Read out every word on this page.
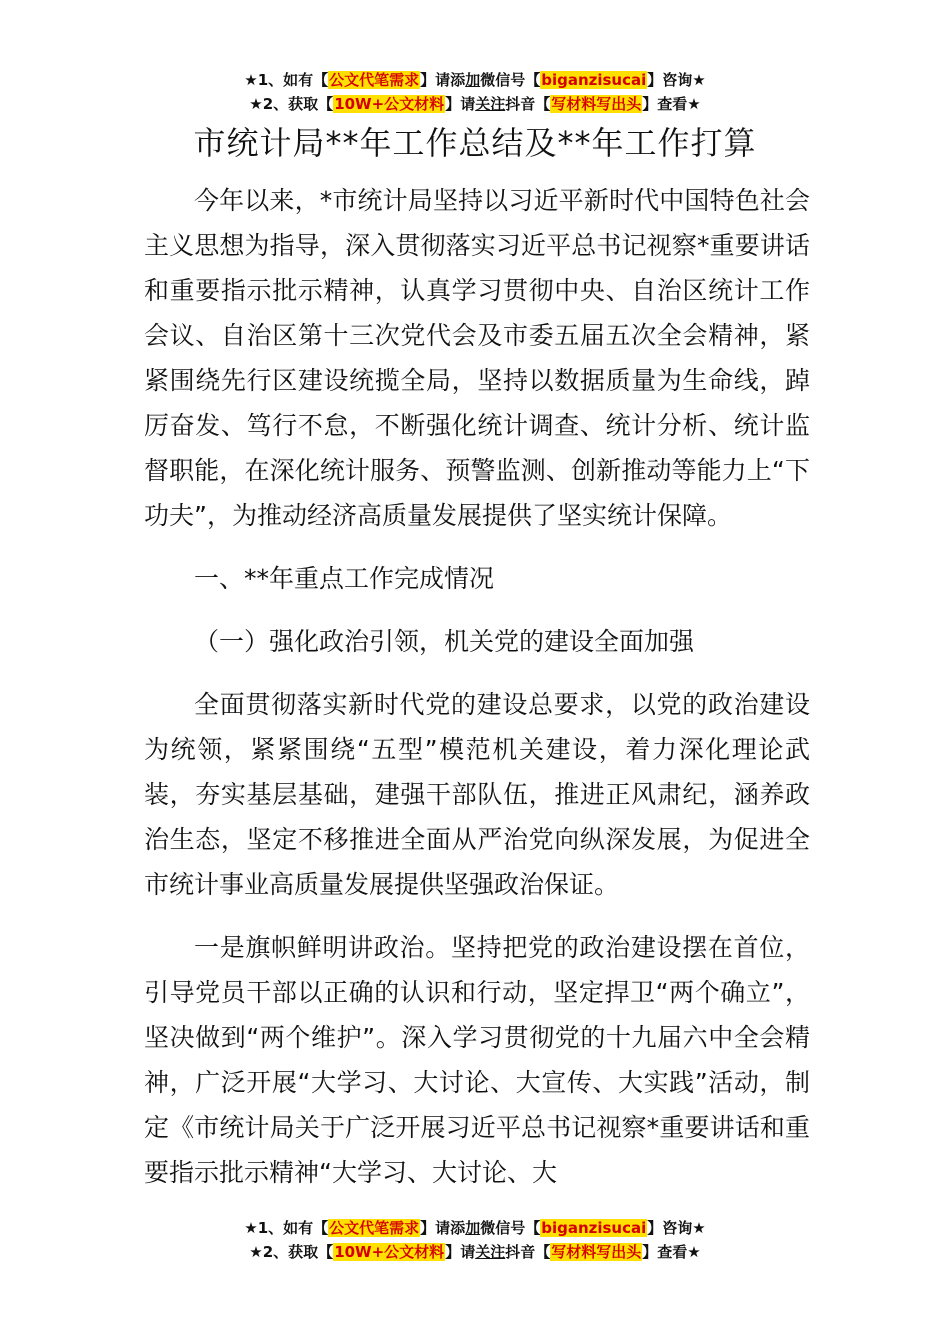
★1、如有【公文代笔需求】请添加微信号【biganzisucai】咨询★
★2、获取【10W+公文材料】请关注抖音【写材料写出头】查看★
市统计局**年工作总结及**年工作打算

今年以来，*市统计局坚持以习近平新时代中国特色社会主义思想为指导，深入贯彻落实习近平总书记视察*重要讲话和重要指示批示精神，认真学习贯彻中央、自治区统计工作会议、自治区第十三次党代会及市委五届五次全会精神，紧紧围绕先行区建设统揽全局，坚持以数据质量为生命线，踔厉奋发、笃行不怠，不断强化统计调查、统计分析、统计监督职能，在深化统计服务、预警监测、创新推动等能力上“下功夫”，为推动经济高质量发展提供了坚实统计保障。

一、**年重点工作完成情况

（一）强化政治引领，机关党的建设全面加强

全面贯彻落实新时代党的建设总要求，以党的政治建设为统领，紧紧围绕“五型”模范机关建设，着力深化理论武装，夯实基层基础，建强干部队伍，推进正风肃纪，涵养政治生态，坚定不移推进全面从严治党向纵深发展，为促进全市统计事业高质量发展提供坚强政治保证。

一是旗帜鲜明讲政治。坚持把党的政治建设摆在首位，引导党员干部以正确的认识和行动，坚定捍卫“两个确立”，坚决做到“两个维护”。深入学习贯彻党的十九届六中全会精神，广泛开展“大学习、大讨论、大宣传、大实践”活动，制定《市统计局关于广泛开展习近平总书记视察*重要讲话和重要指示批示精神“大学习、大讨论、大

★1、如有【公文代笔需求】请添加微信号【biganzisucai】咨询★
★2、获取【10W+公文材料】请关注抖音【写材料写出头】查看★
